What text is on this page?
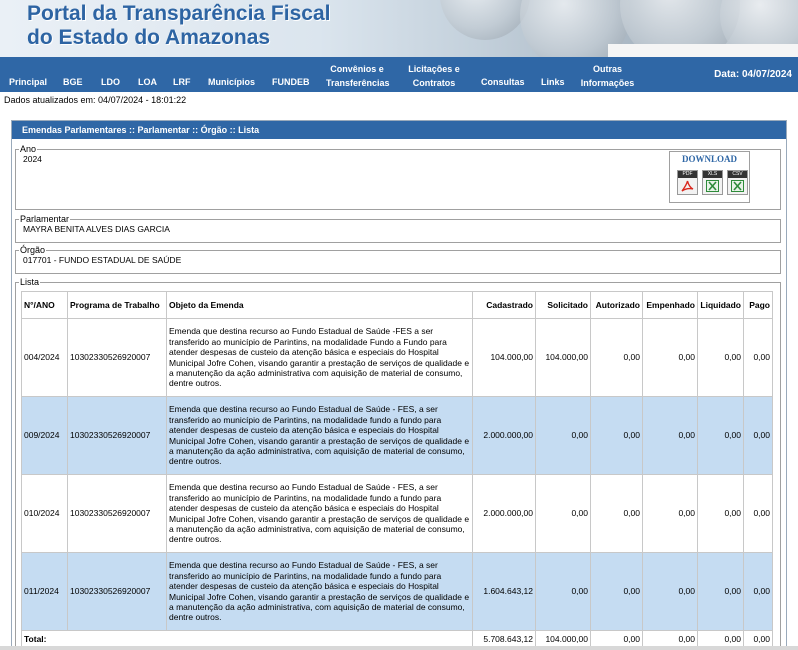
Portal da Transparência Fiscal
do Estado do Amazonas
Principal BGE LDO LOA LRF Municípios FUNDEB
Convênios e
Transferências
Licitações e
Contratos	Consultas Links
Outras
Informações
Data: 04/07/2024
Dados atualizados em: 04/07/2024 - 18:01:22
Emendas Parlamentares :: Parlamentar :: Órgão :: Lista
Ano
2024	DOWNLOAD
PDF	XLS	CSV
Parlamentar
MAYRA BENITA ALVES DIAS GARCIA
Órgão
017701 - FUNDO ESTADUAL DE SAÚDE
Lista
N°/ANO	Programa de Trabalho	Objeto da Emenda	Cadastrado	Solicitado	Autorizado	Empenhado	Liquidado	Pago
004/2024	10302330526920007	Emenda que destina recurso ao Fundo Estadual de Saúde -FES a ser transferido ao município de Parintins, na modalidade Fundo a Fundo para atender despesas de custeio da atenção básica e especiais do Hospital Municipal Jofre Cohen, visando garantir a prestação de serviços de qualidade e a manutenção da ação administrativa com aquisição de material de consumo, dentre outros.	104.000,00	104.000,00	0,00	0,00	0,00	0,00
009/2024	10302330526920007	Emenda que destina recurso ao Fundo Estadual de Saúde - FES, a ser transferido ao município de Parintins, na modalidade fundo a fundo para atender despesas de custeio da atenção básica e especiais do Hospital Municipal Jofre Cohen, visando garantir a prestação de serviços de qualidade e a manutenção da ação administrativa, com aquisição de material de consumo, dentre outros.	2.000.000,00	0,00	0,00	0,00	0,00	0,00
010/2024	10302330526920007	Emenda que destina recurso ao Fundo Estadual de Saúde - FES, a ser transferido ao município de Parintins, na modalidade fundo a fundo para atender despesas de custeio da atenção básica e especiais do Hospital Municipal Jofre Cohen, visando garantir a prestação de serviços de qualidade e a manutenção da ação administrativa, com aquisição de material de consumo, dentre outros.	2.000.000,00	0,00	0,00	0,00	0,00	0,00
011/2024	10302330526920007	Emenda que destina recurso ao Fundo Estadual de Saúde - FES, a ser transferido ao município de Parintins, na modalidade fundo a fundo para atender despesas de custeio da atenção básica e especiais do Hospital Municipal Jofre Cohen, visando garantir a prestação de serviços de qualidade e a manutenção da ação administrativa, com aquisição de material de consumo, dentre outros.	1.604.643,12	0,00	0,00	0,00	0,00	0,00
Total:			5.708.643,12	104.000,00	0,00	0,00	0,00	0,00
